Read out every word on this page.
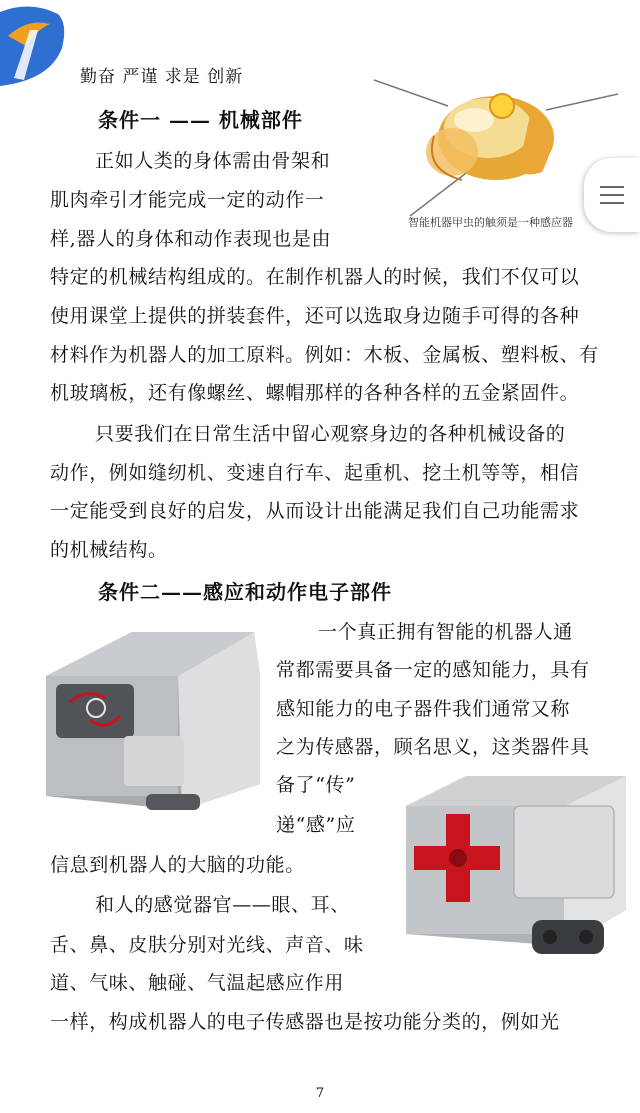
勤奋 严谨 求是 创新
智能机器甲虫的触须是一种感应器
条件一 —— 机械部件
正如人类的身体需由骨架和
肌肉牵引才能完成一定的动作一
样,器人的身体和动作表现也是由
特定的机械结构组成的。在制作机器人的时候，我们不仅可以
使用课堂上提供的拼装套件，还可以选取身边随手可得的各种
材料作为机器人的加工原料。例如：木板、金属板、塑料板、有
机玻璃板，还有像螺丝、螺帽那样的各种各样的五金紧固件。
只要我们在日常生活中留心观察身边的各种机械设备的
动作，例如缝纫机、变速自行车、起重机、挖土机等等，相信
一定能受到良好的启发，从而设计出能满足我们自己功能需求
的机械结构。
条件二——感应和动作电子部件
一个真正拥有智能的机器人通
常都需要具备一定的感知能力，具有
感知能力的电子器件我们通常又称
之为传感器，顾名思义，这类器件具
备了“传”
递“感”应
信息到机器人的大脑的功能。
和人的感觉器官——眼、耳、
舌、鼻、皮肤分别对光线、声音、味
道、气味、触碰、气温起感应作用
一样，构成机器人的电子传感器也是按功能分类的，例如光
7
